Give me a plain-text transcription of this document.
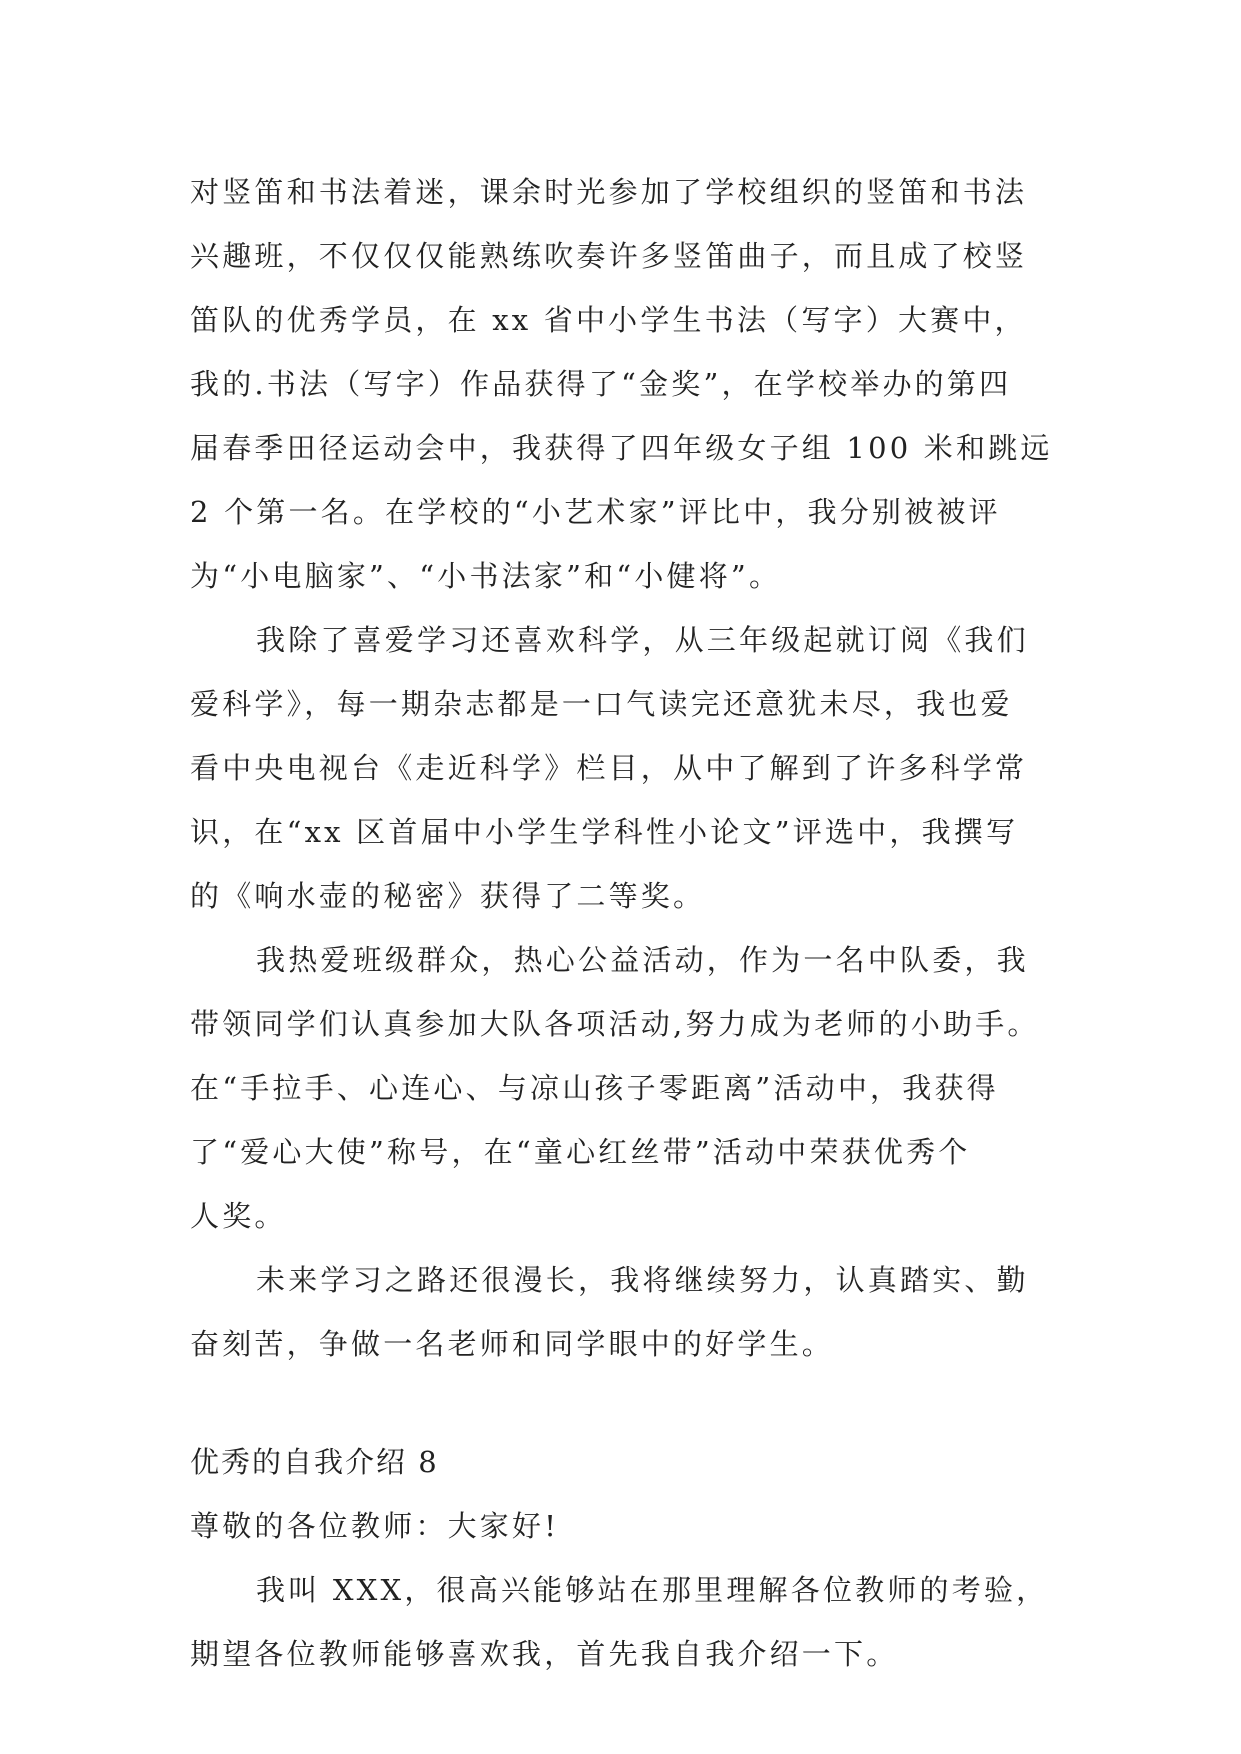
对竖笛和书法着迷，课余时光参加了学校组织的竖笛和书法
兴趣班，不仅仅仅能熟练吹奏许多竖笛曲子，而且成了校竖
笛队的优秀学员，在 xx 省中小学生书法（写字）大赛中，
我的.书法（写字）作品获得了“金奖”，在学校举办的第四
届春季田径运动会中，我获得了四年级女子组 100 米和跳远
2 个第一名。在学校的“小艺术家”评比中，我分别被被评
为“小电脑家”、“小书法家”和“小健将”。
我除了喜爱学习还喜欢科学，从三年级起就订阅《我们
爱科学》，每一期杂志都是一口气读完还意犹未尽，我也爱
看中央电视台《走近科学》栏目，从中了解到了许多科学常
识，在“xx 区首届中小学生学科性小论文”评选中，我撰写
的《响水壶的秘密》获得了二等奖。
我热爱班级群众，热心公益活动，作为一名中队委，我
带领同学们认真参加大队各项活动,努力成为老师的小助手。
在“手拉手、心连心、与凉山孩子零距离”活动中，我获得
了“爱心大使”称号，在“童心红丝带”活动中荣获优秀个
人奖。
未来学习之路还很漫长，我将继续努力，认真踏实、勤
奋刻苦，争做一名老师和同学眼中的好学生。
优秀的自我介绍 8
尊敬的各位教师：大家好!
我叫 XXX，很高兴能够站在那里理解各位教师的考验，
期望各位教师能够喜欢我，首先我自我介绍一下。
